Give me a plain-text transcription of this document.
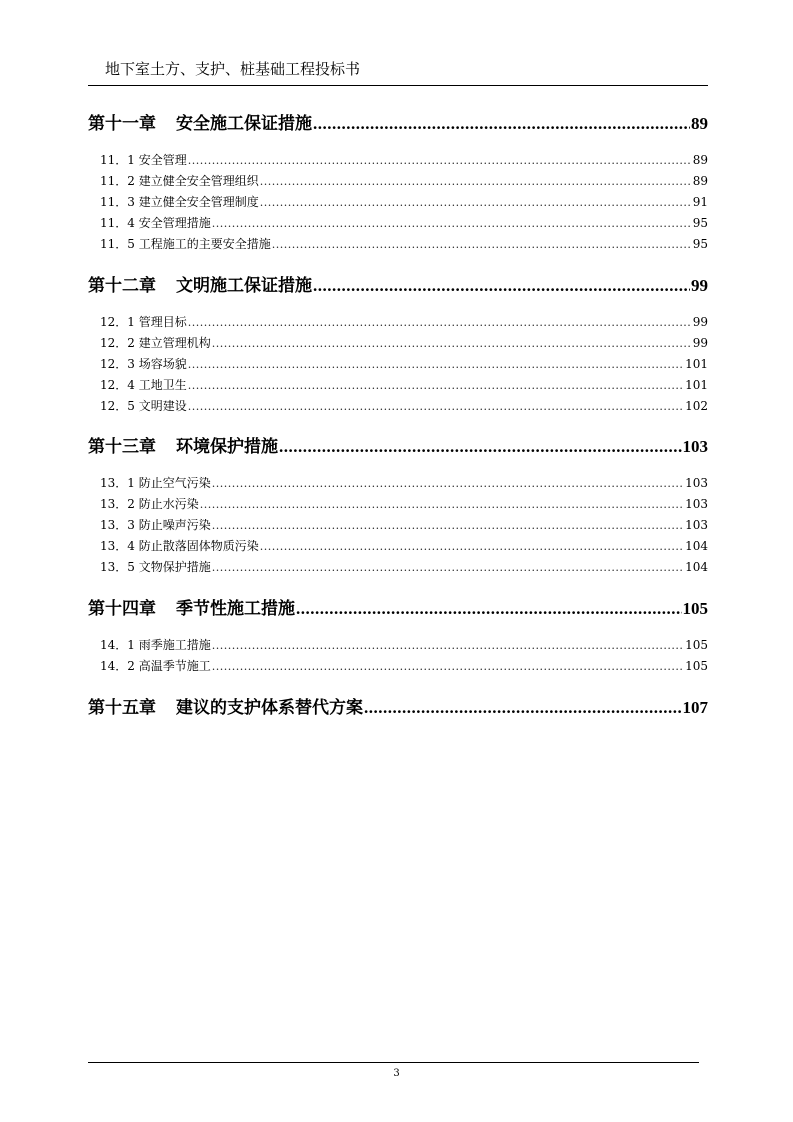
地下室土方、支护、桩基础工程投标书
第十一章 安全施工保证措施 .....	89
11．1 安全管理 .....	89
11．2 建立健全安全管理组织 .....	89
11．3 建立健全安全管理制度 .....	91
11．4 安全管理措施 .....	95
11．5 工程施工的主要安全措施 .....	95
第十二章 文明施工保证措施 .....	99
12．1 管理目标 .....	99
12．2 建立管理机构 .....	99
12．3 场容场貌 .....	101
12．4 工地卫生 .....	101
12．5 文明建设 .....	102
第十三章 环境保护措施 .....	103
13．1 防止空气污染 .....	103
13．2 防止水污染 .....	103
13．3 防止噪声污染 .....	103
13．4 防止散落固体物质污染 .....	104
13．5 文物保护措施 .....	104
第十四章 季节性施工措施 .....	105
14．1 雨季施工措施 .....	105
14．2 高温季节施工 .....	105
第十五章 建议的支护体系替代方案 .....	107
3
